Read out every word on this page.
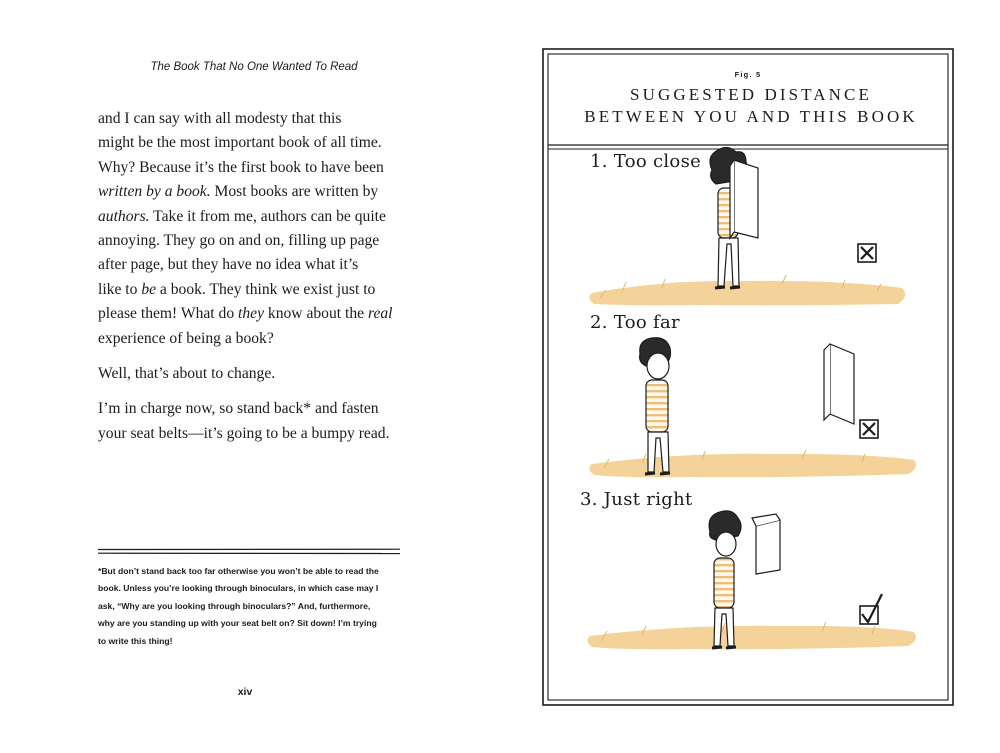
The Book That No One Wanted To Read

and I can say with all modesty that this
might be the most important book of all time.
Why? Because it’s the first book to have been
written by a book. Most books are written by
authors. Take it from me, authors can be quite
annoying. They go on and on, filling up page
after page, but they have no idea what it’s
like to be a book. They think we exist just to
please them! What do they know about the real
experience of being a book?

Well, that’s about to change.

I’m in charge now, so stand back* and fasten
your seat belts—it’s going to be a bumpy read.

*But don’t stand back too far otherwise you won’t be able to read the
book. Unless you’re looking through binoculars, in which case may I
ask, “Why are you looking through binoculars?” And, furthermore,
why are you standing up with your seat belt on? Sit down! I’m trying
to write this thing!
xiv
Fig. 5
SUGGESTED DISTANCE
BETWEEN YOU AND THIS BOOK
1. Too close
2. Too far
3. Just right
